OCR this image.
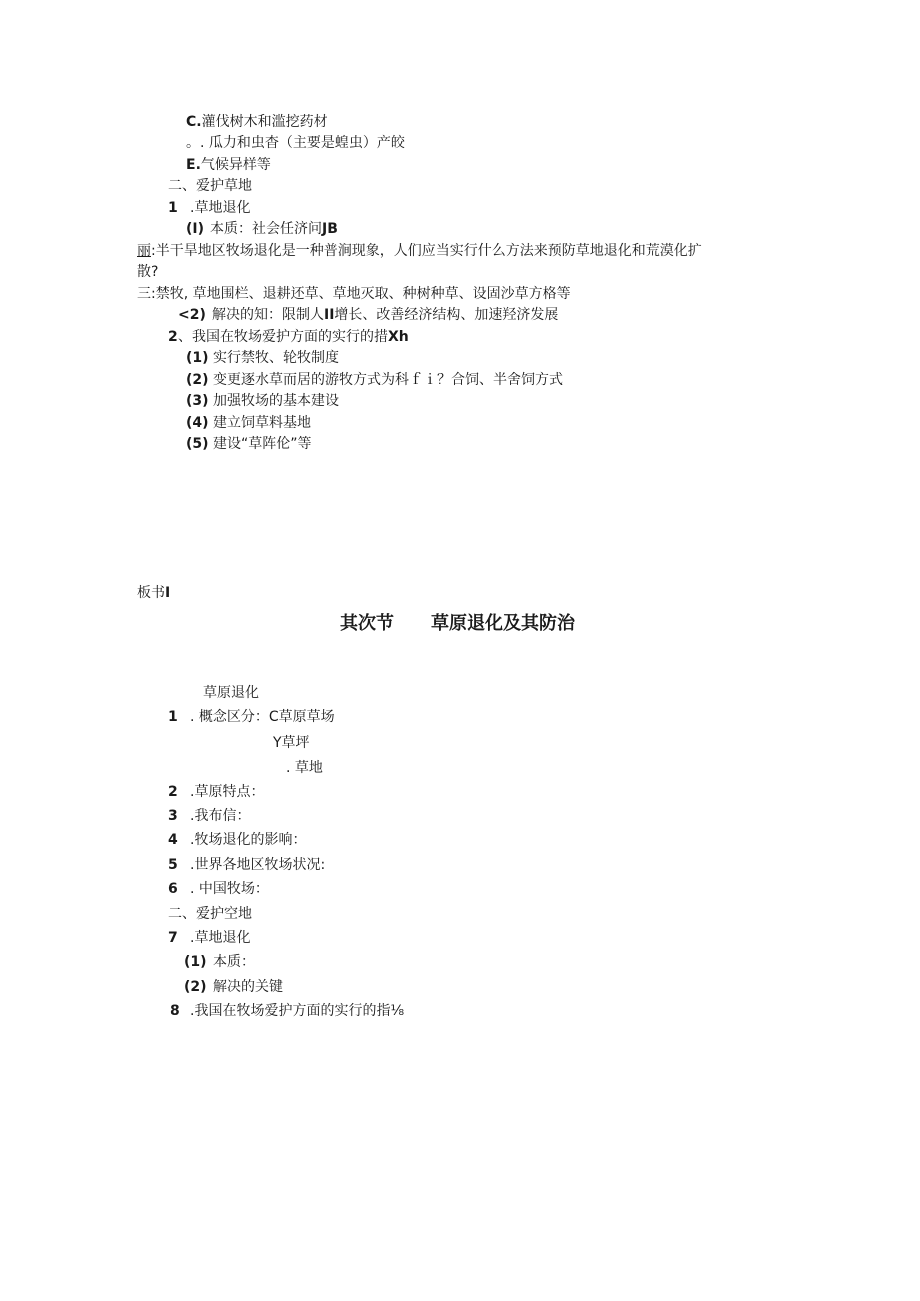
C.灌伐树木和滥挖药材
。. 瓜力和虫杳（主要是蝗虫）产皎
E.气候异样等
二、爱护草地
1 .草地退化
(I) 本质：社会任济问JB
丽:半干旱地区牧场退化是一种普涧现象，人们应当实行什么方法来预防草地退化和荒漠化扩
散?
三:禁牧, 草地围栏、退耕还草、草地灭取、种树种草、设固沙草方格等
<2) 解决的知：限制人II增长、改善经济结构、加速羟济发展
2、我国在牧场爱护方面的实行的措Xh
(1) 实行禁牧、轮牧制度
(2) 变更逐水草而居的游牧方式为科ｆｉ？合饲、半舍饲方式
(3) 加强牧场的基本建设
(4) 建立饲草料基地
(5) 建设“草阵伦”等
板书I
其次节 草原退化及其防治
草原退化
1 . 概念区分：C草原草场
Y草坪
. 草地
2 .草原特点：
3 .我布信：
4 .牧场退化的影响：
5 .世界各地区牧场状况:
6 . 中国牧场：
二、爱护空地
7 .草地退化
(1) 本质：
(2) 解决的关键
8 .我国在牧场爱护方面的实行的指⅛
